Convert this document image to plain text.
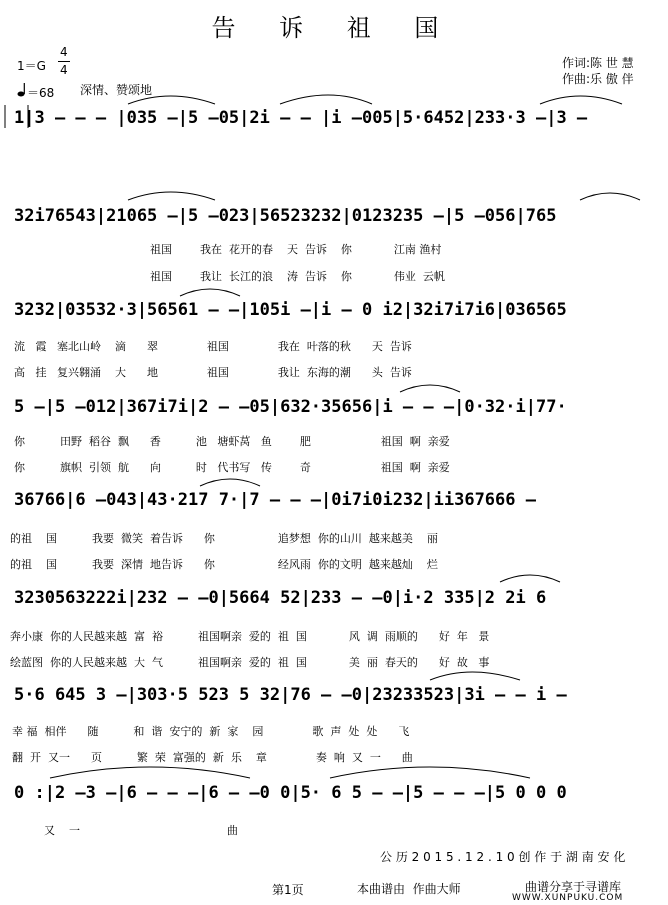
告 诉 祖 国
1＝G
4
4
＝68 深情、赞颂地
作词:陈 世 慧
作曲:乐 傲 伴
1|3 – – – |035 –|5 –05|2i – – |i –005|5·6452|233·3 –|3 –
32i76543|21065 –|5 –023|56523232|0123235 –|5 –056|765
祖国        我在  花开的春    天  告诉    你            江南 渔村
祖国        我让  长江的浪    涛  告诉    你            伟业  云帆
3232|03532·3|56561 – –|105i –|i – 0 i2|32i7i7i6|036565
流   霞   塞北山岭    滴      翠              祖国              我在  叶落的秋      天  告诉
高   挂   复兴翱涌    大      地              祖国              我让  东海的潮      头  告诉
5 –|5 –012|367i7i|2 – –05|632·35656|i – – –|0·32·i|77·
你          田野  稻谷  飘      香          池   塘虾莴   鱼        肥                    祖国  啊  亲爱
你          旗帜  引领  航      向          时   代书写   传        奇                    祖国  啊  亲爱
36766|6 –043|43·217 7·|7 – – –|0i7i0i232|ii367666 –
的祖    国          我要  微笑  着告诉      你                  追梦想  你的山川  越来越美    丽
的祖    国          我要  深情  地告诉      你                  经风雨  你的文明  越来越灿    烂
3230563222i|232 – –0|5664 52|233 – –0|i·2 335|2 2i 6
奔小康  你的人民越来越  富  裕          祖国啊亲  爱的  祖  国            风  调  雨顺的      好  年   景
绘蓝图  你的人民越来越  大  气          祖国啊亲  爱的  祖  国            美  丽  春天的      好  故   事
5·6 645 3 –|303·5 523 5 32|76 – –0|23233523|3i – – i –
幸 福  相伴      随          和  谐  安宁的  新  家    园              歌  声  处  处      飞
翻  开  又一      页          繁  荣  富强的  新  乐    章              奏  响  又  一      曲
0 :|2 –3 –|6 – – –|6 – –0 0|5· 6 5 – –|5 – – –|5 0 0 0
又    一                                          曲
公 历 2 0 1 5 . 1 2 . 1 0 创 作 于 湖 南 安 化
第1页	本曲谱由  作曲大师	曲谱分享于寻谱库
WWW.XUNPUKU.COM
